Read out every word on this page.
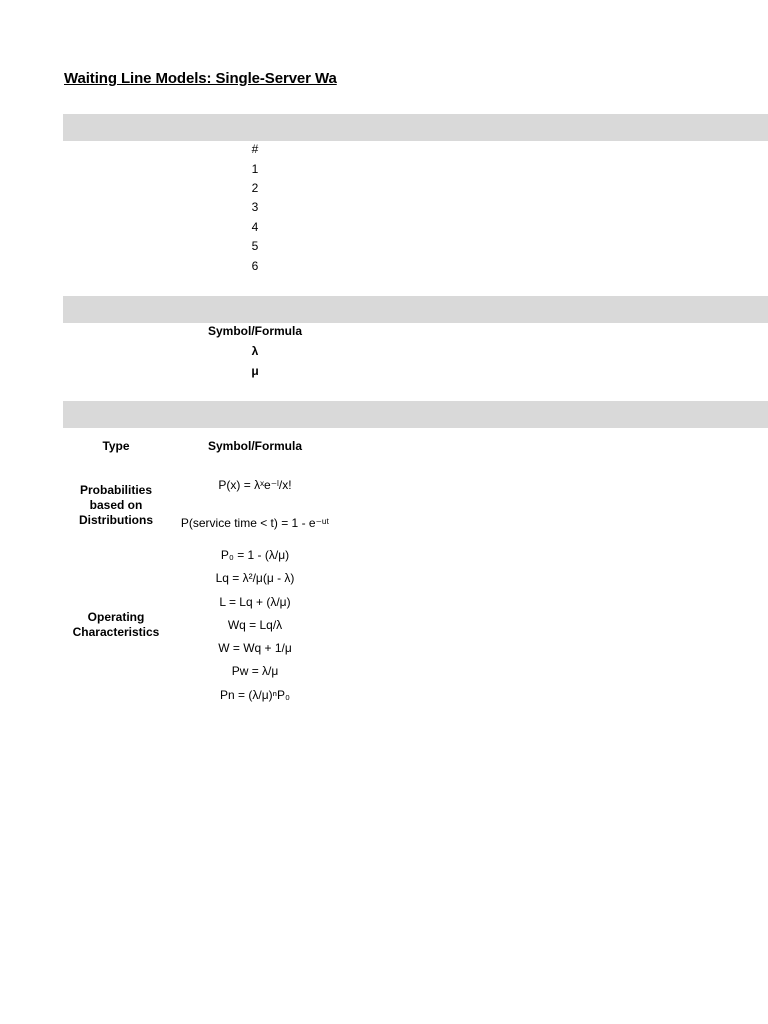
Waiting Line Models: Single-Server Wa
#
1
2
3
4
5
6
Symbol/Formula
λ
μ
Type	Symbol/Formula
Probabilities based on Distributions
P(x) = λˣe⁻ˡ/x!
P(service time < t) = 1 - e⁻ᵘᵗ
Operating Characteristics
P₀ = 1 - (λ/μ)
Lq = λ²/μ(μ - λ)
L = Lq + (λ/μ)
Wq = Lq/λ
W = Wq + 1/μ
Pw = λ/μ
Pn = (λ/μ)ⁿP₀
